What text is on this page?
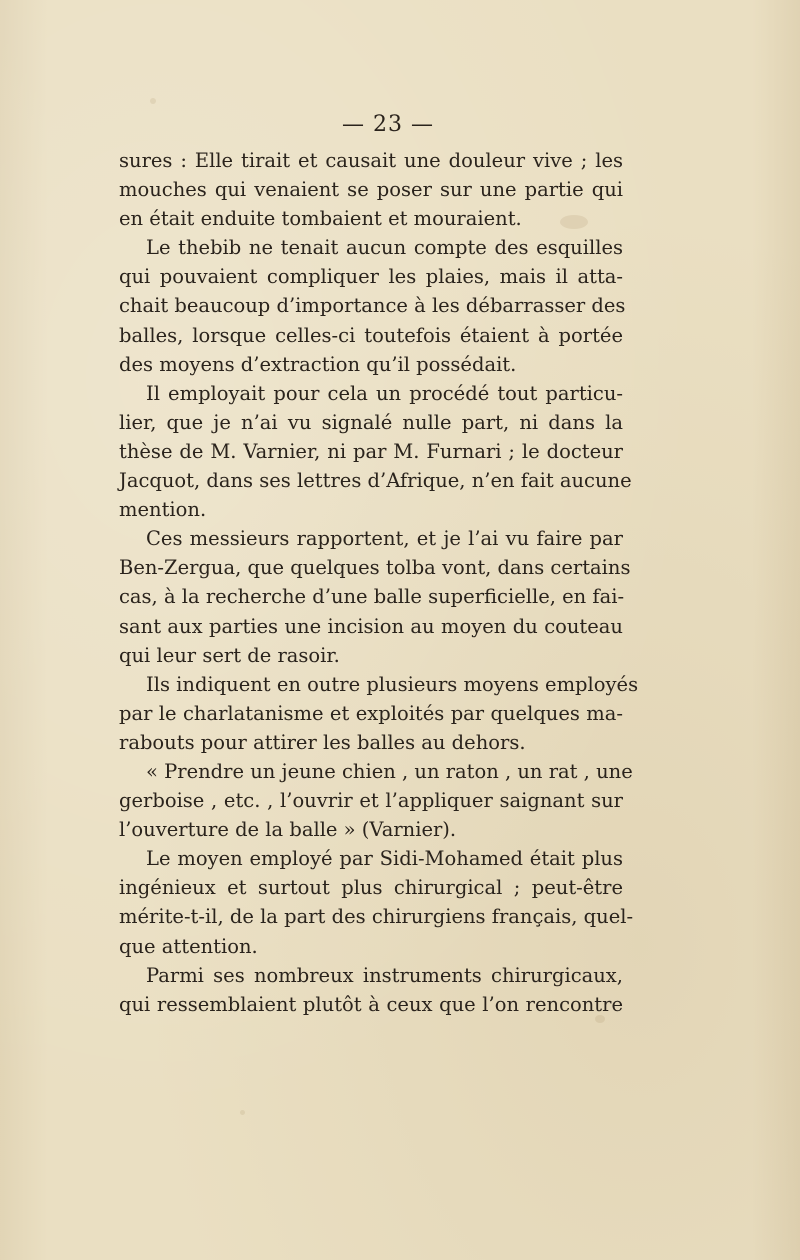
— 23 —
sures : Elle tirait et causait une douleur vive ; les
mouches qui venaient se poser sur une partie qui
en était enduite tombaient et mouraient.
Le thebib ne tenait aucun compte des esquilles
qui pouvaient compliquer les plaies, mais il atta-
chait beaucoup d’importance à les débarrasser des
balles, lorsque celles-ci toutefois étaient à portée
des moyens d’extraction qu’il possédait.
Il employait pour cela un procédé tout particu-
lier, que je n’ai vu signalé nulle part, ni dans la
thèse de M. Varnier, ni par M. Furnari ; le docteur
Jacquot, dans ses lettres d’Afrique, n’en fait aucune
mention.
Ces messieurs rapportent, et je l’ai vu faire par
Ben-Zergua, que quelques tolba vont, dans certains
cas, à la recherche d’une balle superficielle, en fai-
sant aux parties une incision au moyen du couteau
qui leur sert de rasoir.
Ils indiquent en outre plusieurs moyens employés
par le charlatanisme et exploités par quelques ma-
rabouts pour attirer les balles au dehors.
« Prendre un jeune chien , un raton , un rat , une
gerboise , etc. , l’ouvrir et l’appliquer saignant sur
l’ouverture de la balle » (Varnier).
Le moyen employé par Sidi-Mohamed était plus
ingénieux et surtout plus chirurgical ; peut-être
mérite-t-il, de la part des chirurgiens français, quel-
que attention.
Parmi ses nombreux instruments chirurgicaux,
qui ressemblaient plutôt à ceux que l’on rencontre
